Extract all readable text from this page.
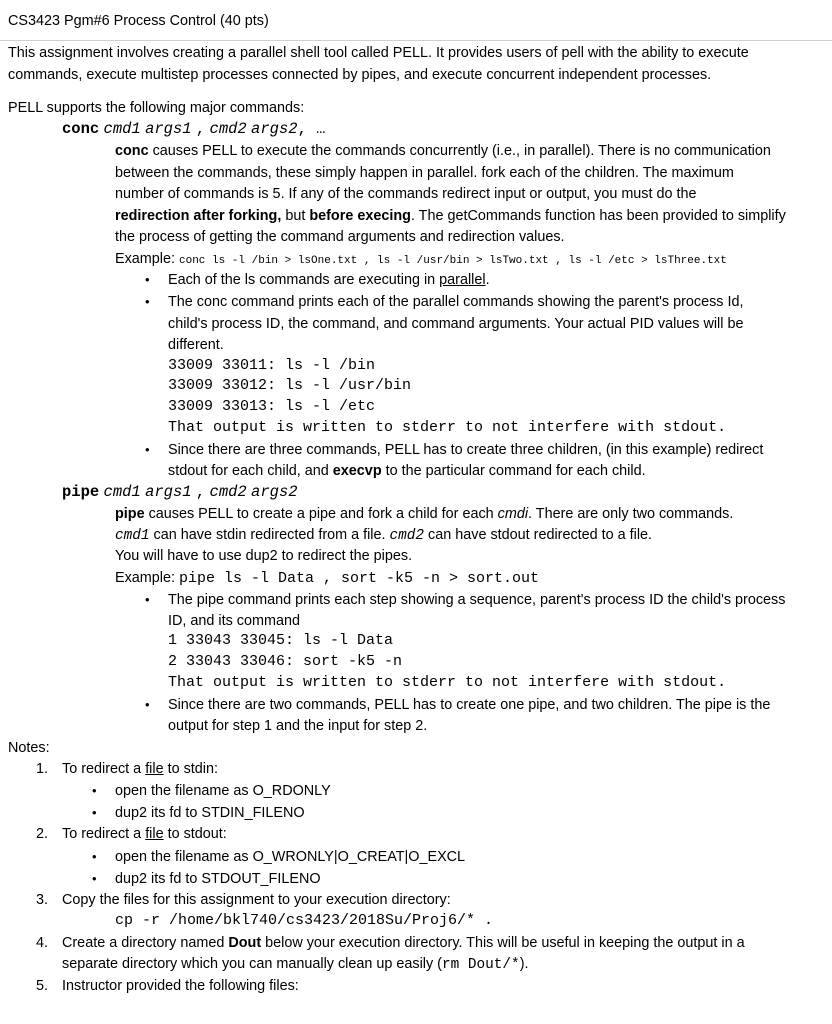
CS3423 Pgm#6 Process Control (40 pts)
This assignment involves creating a parallel shell tool called PELL. It provides users of pell with the ability to execute
commands, execute multistep processes connected by pipes, and execute concurrent independent processes.
PELL supports the following major commands:
conc cmd1 args1 , cmd2 args2, …
conc causes PELL to execute the commands concurrently (i.e., in parallel). There is no communication
between the commands, these simply happen in parallel. fork each of the children. The maximum
number of commands is 5. If any of the commands redirect input or output, you must do the
redirection after forking, but before execing. The getCommands function has been provided to simplify
the process of getting the command arguments and redirection values.
Example: conc ls -l /bin > lsOne.txt , ls -l /usr/bin > lsTwo.txt , ls -l /etc > lsThree.txt
• Each of the ls commands are executing in parallel.
• The conc command prints each of the parallel commands showing the parent's process Id,
child's process ID, the command, and command arguments. Your actual PID values will be
different.
33009 33011: ls -l /bin
33009 33012: ls -l /usr/bin
33009 33013: ls -l /etc
That output is written to stderr to not interfere with stdout.
• Since there are three commands, PELL has to create three children, (in this example) redirect
stdout for each child, and execvp to the particular command for each child.
pipe cmd1 args1 , cmd2 args2
pipe causes PELL to create a pipe and fork a child for each cmdi. There are only two commands.
cmd1 can have stdin redirected from a file. cmd2 can have stdout redirected to a file.
You will have to use dup2 to redirect the pipes.
Example: pipe ls -l Data , sort -k5 -n > sort.out
• The pipe command prints each step showing a sequence, parent's process ID the child's process
ID, and its command
1 33043 33045: ls -l Data
2 33043 33046: sort -k5 -n
That output is written to stderr to not interfere with stdout.
• Since there are two commands, PELL has to create one pipe, and two children. The pipe is the
output for step 1 and the input for step 2.
Notes:
1. To redirect a file to stdin:
• open the filename as O_RDONLY
• dup2 its fd to STDIN_FILENO
2. To redirect a file to stdout:
• open the filename as O_WRONLY|O_CREAT|O_EXCL
• dup2 its fd to STDOUT_FILENO
3. Copy the files for this assignment to your execution directory:
cp -r /home/bkl740/cs3423/2018Su/Proj6/* .
4. Create a directory named Dout below your execution directory. This will be useful in keeping the output in a
separate directory which you can manually clean up easily (rm Dout/*).
5. Instructor provided the following files:
